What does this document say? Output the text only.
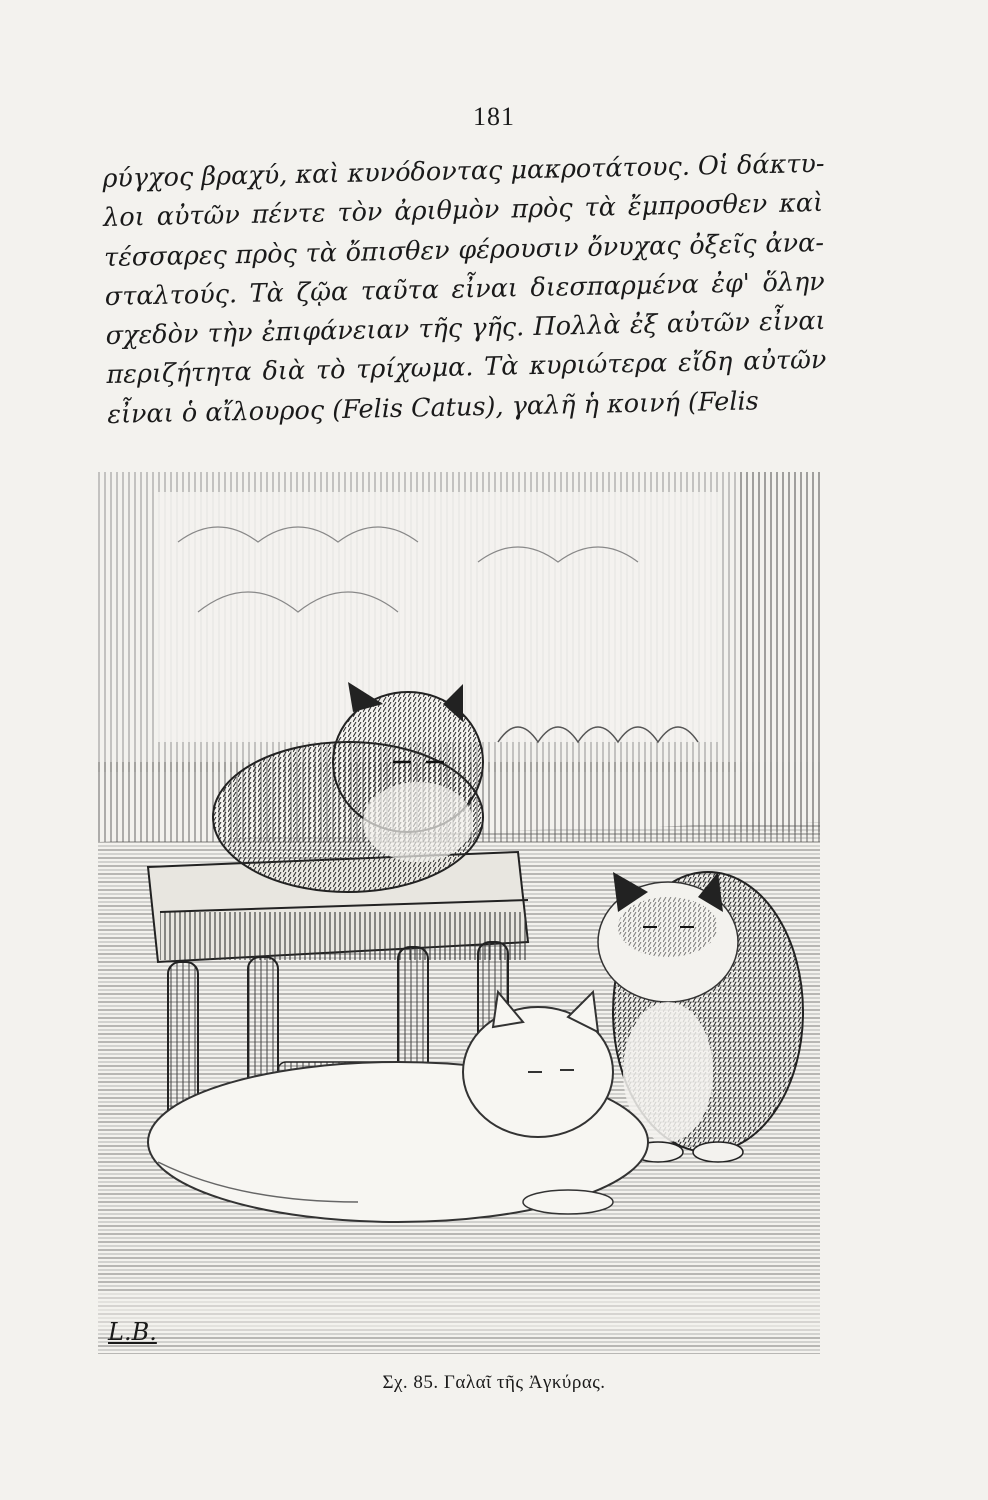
181
ρύγχος βραχύ, καὶ κυνόδοντας μακροτάτους. Οἱ δάκτυ-
λοι αὐτῶν πέντε τὸν ἀριθμὸν πρὸς τὰ ἔμπροσθεν καὶ
τέσσαρες πρὸς τὰ ὄπισθεν φέρουσιν ὄνυχας ὀξεῖς ἀνα-
σταλτούς. Τὰ ζῷα ταῦτα εἶναι διεσπαρμένα ἐφ' ὅλην
σχεδὸν τὴν ἐπιφάνειαν τῆς γῆς. Πολλὰ ἐξ αὐτῶν εἶναι
περιζήτητα διὰ τὸ τρίχωμα. Τὰ κυριώτερα εἴδη αὐτῶν
εἶναι ὁ αἴλουρος (Felis Catus), γαλῆ ἡ κοινή (Felis
L.B.
Σχ. 85. Γαλαῖ τῆς Ἀγκύρας.
